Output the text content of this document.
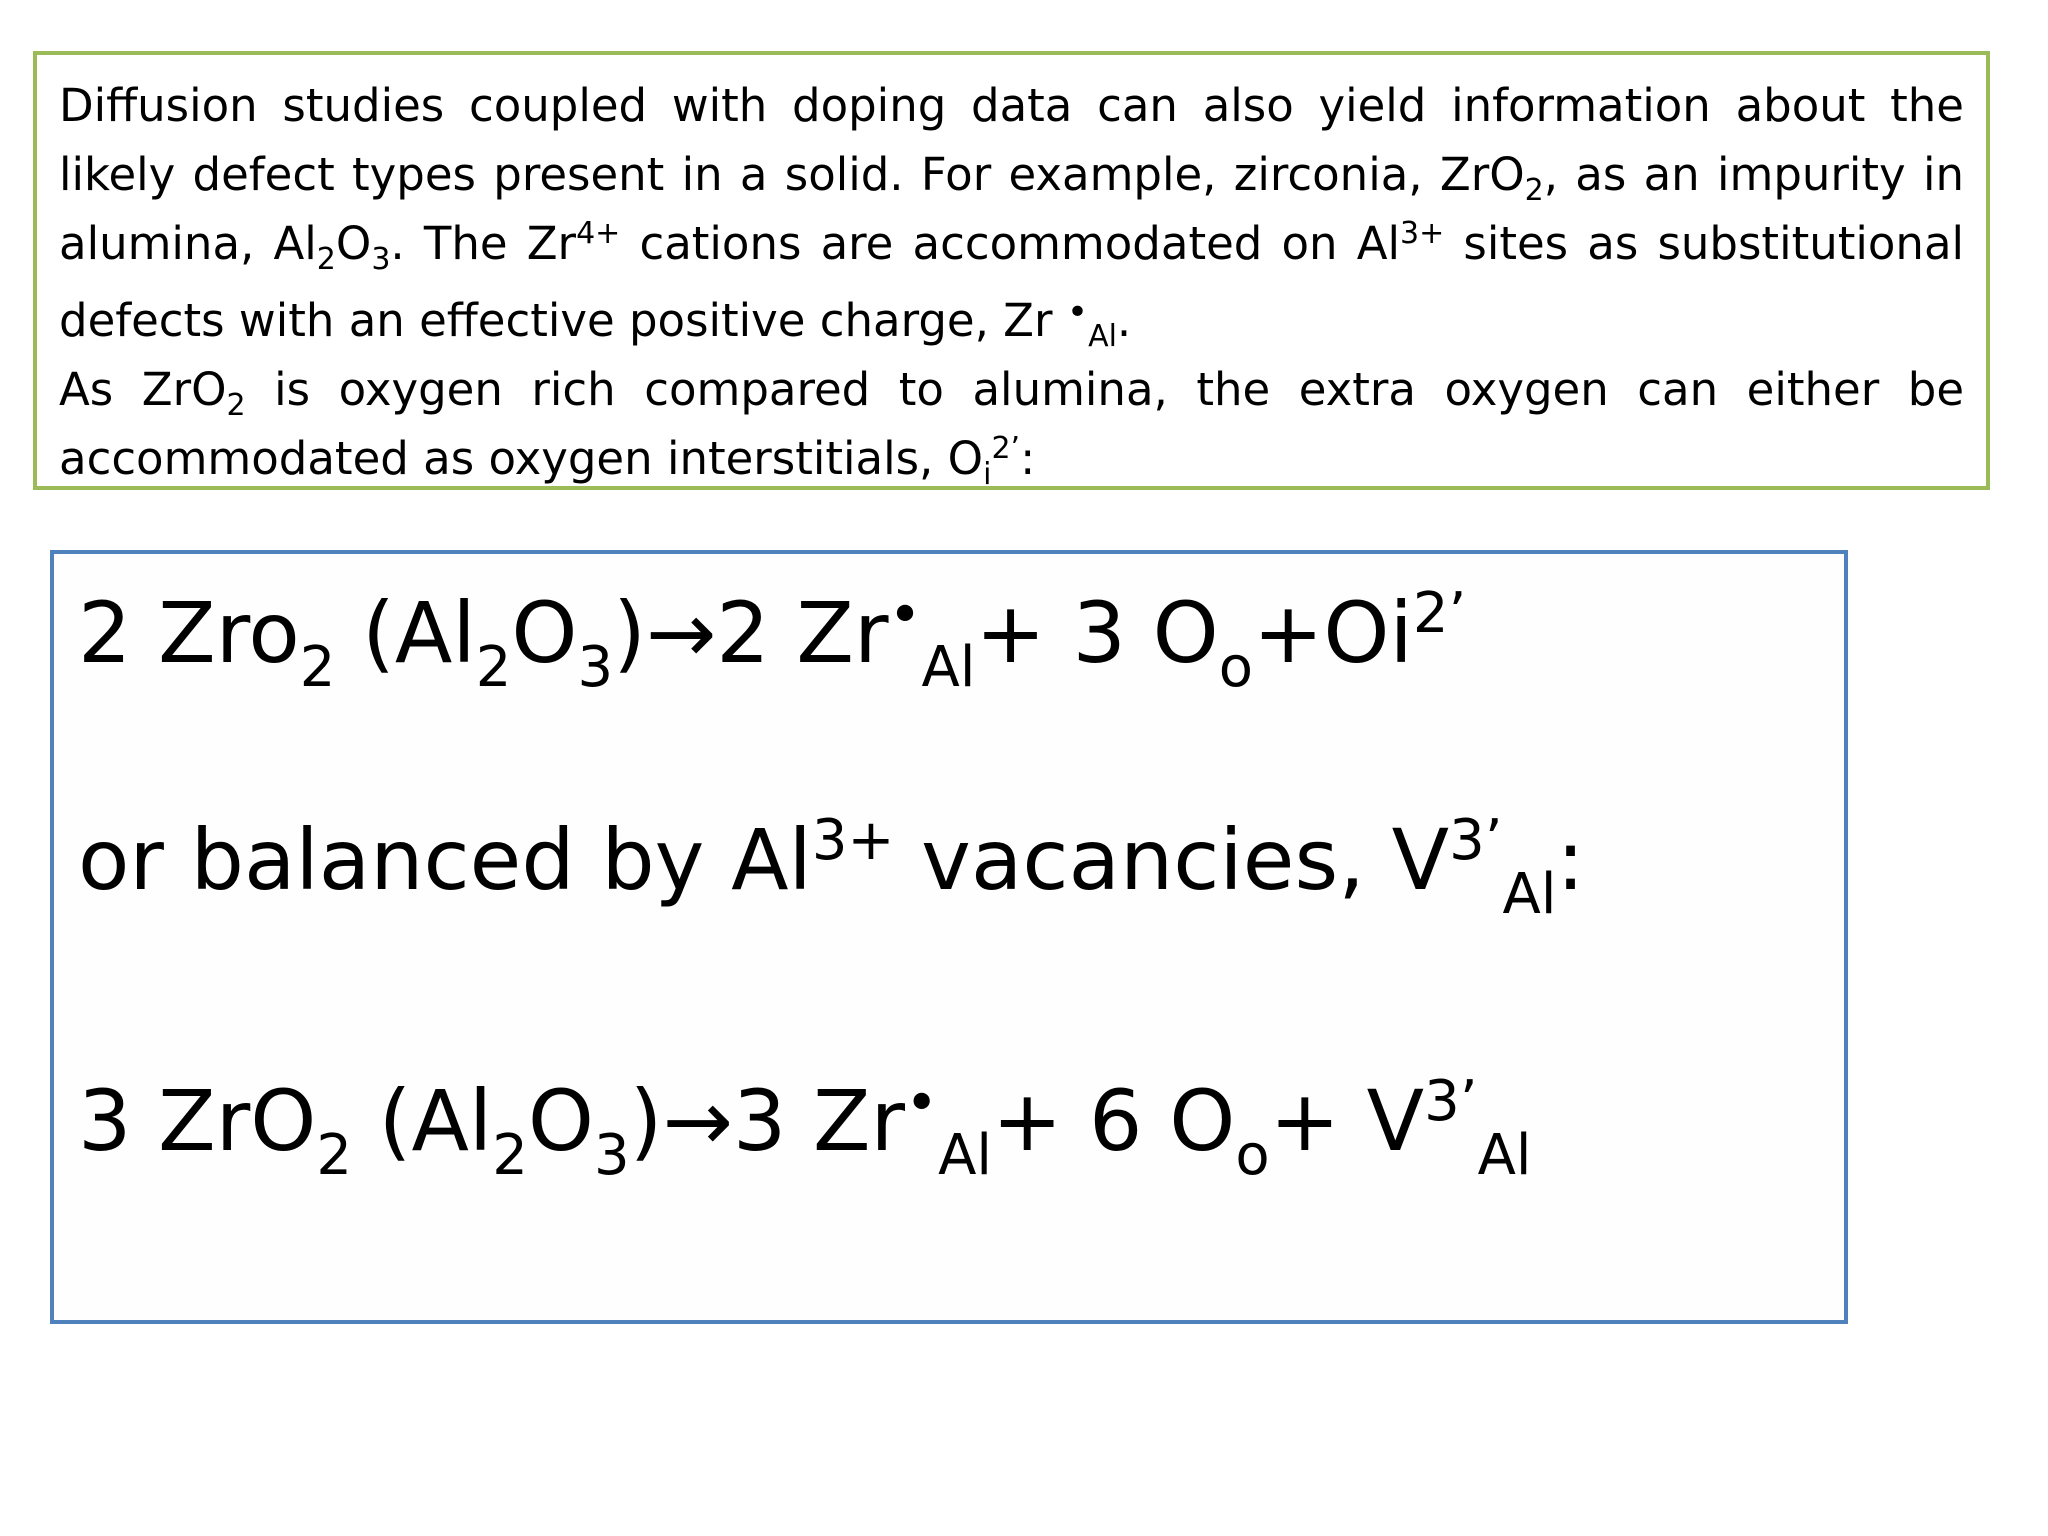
Diffusion studies coupled with doping data can also yield information about the likely defect types present in a solid. For example, zirconia, ZrO$_2$, as an impurity in alumina, $Al_2O_3$. The $Zr^{4+}$ cations are accommodated on $Al^{3+}$ sites as substitutional defects with an effective positive charge, Zr •$_{Al}$.

As ZrO$_2$ is oxygen rich compared to alumina, the extra oxygen can either be accommodated as oxygen interstitials, $O_i^{2’}$:

2 Zro$_2$ $(Al_2O_3)\to 2$ $Zr^•_{Al}+ 3$ $O_o+Oi^{2’}$
or balanced by $Al^{3+}$ vacancies, $V^{3’}_{Al}$:
3 ZrO$_2$ $(Al_2O_3)\to 3$ $Zr^•_{Al}+ 6$ $O_o+ V^{3’}_{Al}$
